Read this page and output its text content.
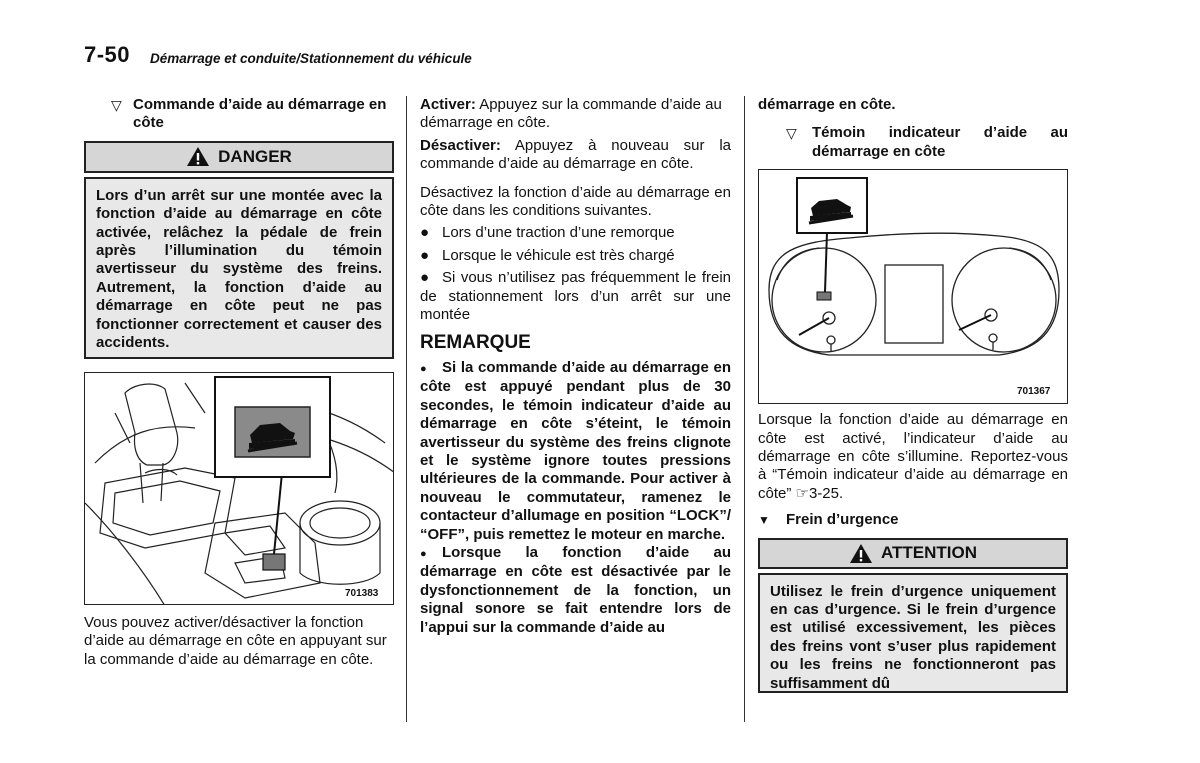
7-50 Démarrage et conduite/Stationnement du véhicule
▽ Commande d’aide au démarrage en côte
DANGER
Lors d’un arrêt sur une montée avec la fonction d’aide au démarrage en côte activée, relâchez la pédale de frein après l’illumination du témoin avertisseur du système des freins. Autrement, la fonction d’aide au démarrage en côte peut ne pas fonctionner correctement et causer des accidents.
701383

Vous pouvez activer/désactiver la fonction d’aide au démarrage en côte en appuyant sur la commande d’aide au démarrage en côte.

Activer: Appuyez sur la commande d’aide au démarrage en côte.

Désactiver: Appuyez à nouveau sur la commande d’aide au démarrage en côte.

Désactivez la fonction d’aide au démarrage en côte dans les conditions suivantes.

● Lors d’une traction d’une remorque
● Lorsque le véhicule est très chargé

● Si vous n’utilisez pas fréquemment le frein de stationnement lors d’un arrêt sur une montée

REMARQUE

● Si la commande d’aide au démarrage en côte est appuyé pendant plus de 30 secondes, le témoin indicateur d’aide au démarrage en côte s’éteint, le témoin avertisseur du système des freins clignote et le système ignore toutes pressions ultérieures de la commande. Pour activer à nouveau le commutateur, ramenez le contacteur d’allumage en position “LOCK”/ “OFF”, puis remettez le moteur en marche.

● Lorsque la fonction d’aide au démarrage en côte est désactivée par le dysfonctionnement de la fonction, un signal sonore se fait entendre lors de l’appui sur la commande d’aide au

démarrage en côte.

▽	Témoin indicateur d’aide au démarrage en côte
701367

Lorsque la fonction d’aide au démarrage en côte est activé, l’indicateur d’aide au démarrage en côte s’illumine. Reportez-vous à “Témoin indicateur d’aide au démarrage en côte” ☞3-25.

▼	Frein d’urgence
ATTENTION
Utilisez le frein d’urgence uniquement en cas d’urgence. Si le frein d’urgence est utilisé excessivement, les pièces des freins vont s’user plus rapidement ou les freins ne fonctionneront pas suffisamment dû
